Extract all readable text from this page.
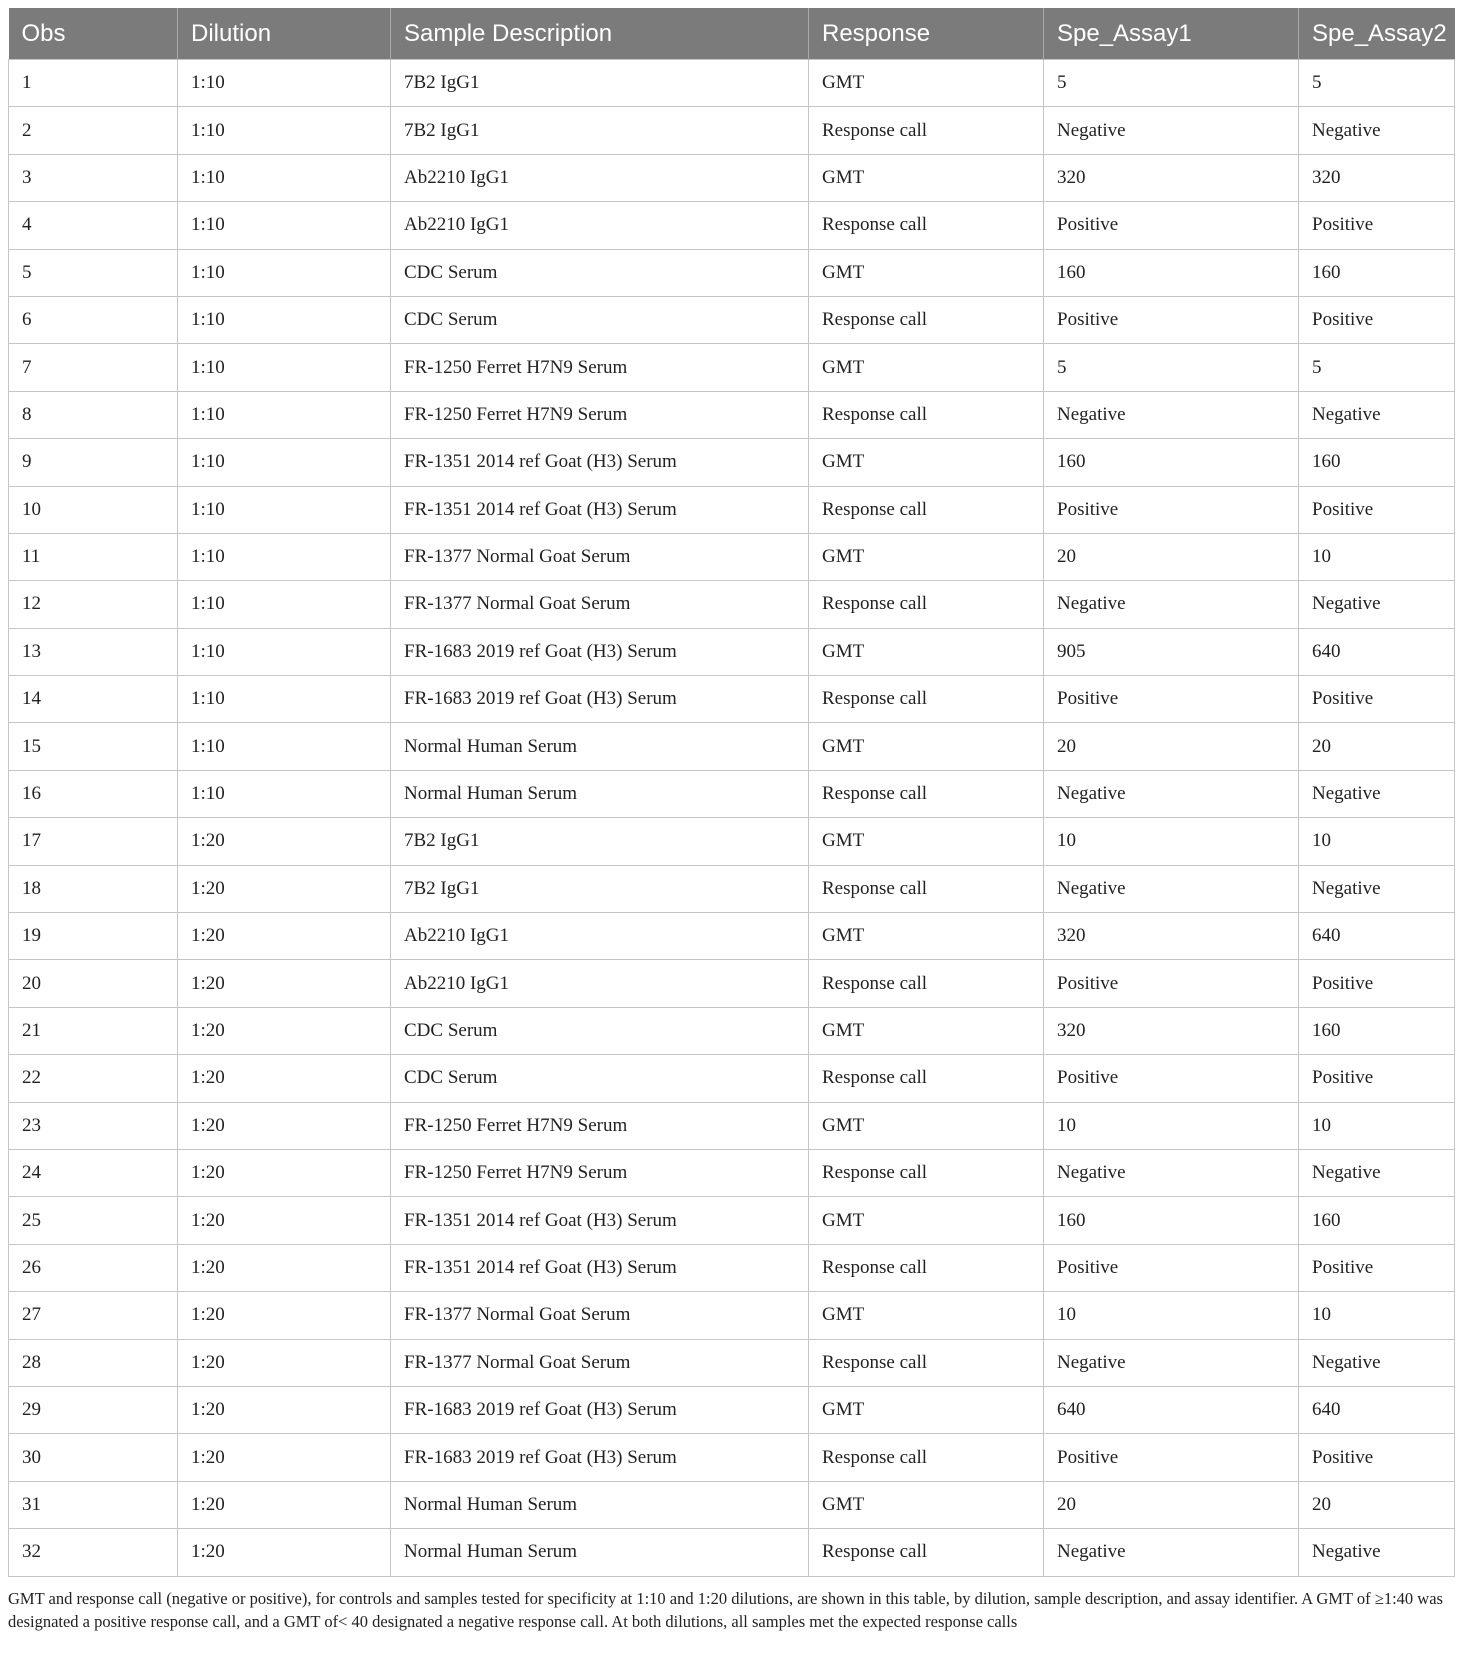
Obs	Dilution	Sample Description	Response	Spe_Assay1	Spe_Assay2
1	1:10	7B2 IgG1	GMT	5	5
2	1:10	7B2 IgG1	Response call	Negative	Negative
3	1:10	Ab2210 IgG1	GMT	320	320
4	1:10	Ab2210 IgG1	Response call	Positive	Positive
5	1:10	CDC Serum	GMT	160	160
6	1:10	CDC Serum	Response call	Positive	Positive
7	1:10	FR-1250 Ferret H7N9 Serum	GMT	5	5
8	1:10	FR-1250 Ferret H7N9 Serum	Response call	Negative	Negative
9	1:10	FR-1351 2014 ref Goat (H3) Serum	GMT	160	160
10	1:10	FR-1351 2014 ref Goat (H3) Serum	Response call	Positive	Positive
11	1:10	FR-1377 Normal Goat Serum	GMT	20	10
12	1:10	FR-1377 Normal Goat Serum	Response call	Negative	Negative
13	1:10	FR-1683 2019 ref Goat (H3) Serum	GMT	905	640
14	1:10	FR-1683 2019 ref Goat (H3) Serum	Response call	Positive	Positive
15	1:10	Normal Human Serum	GMT	20	20
16	1:10	Normal Human Serum	Response call	Negative	Negative
17	1:20	7B2 IgG1	GMT	10	10
18	1:20	7B2 IgG1	Response call	Negative	Negative
19	1:20	Ab2210 IgG1	GMT	320	640
20	1:20	Ab2210 IgG1	Response call	Positive	Positive
21	1:20	CDC Serum	GMT	320	160
22	1:20	CDC Serum	Response call	Positive	Positive
23	1:20	FR-1250 Ferret H7N9 Serum	GMT	10	10
24	1:20	FR-1250 Ferret H7N9 Serum	Response call	Negative	Negative
25	1:20	FR-1351 2014 ref Goat (H3) Serum	GMT	160	160
26	1:20	FR-1351 2014 ref Goat (H3) Serum	Response call	Positive	Positive
27	1:20	FR-1377 Normal Goat Serum	GMT	10	10
28	1:20	FR-1377 Normal Goat Serum	Response call	Negative	Negative
29	1:20	FR-1683 2019 ref Goat (H3) Serum	GMT	640	640
30	1:20	FR-1683 2019 ref Goat (H3) Serum	Response call	Positive	Positive
31	1:20	Normal Human Serum	GMT	20	20
32	1:20	Normal Human Serum	Response call	Negative	Negative
GMT and response call (negative or positive), for controls and samples tested for specificity at 1:10 and 1:20 dilutions, are shown in this table, by dilution, sample description, and assay identifier. A GMT of ≥1:40 was designated a positive response call, and a GMT of< 40 designated a negative response call. At both dilutions, all samples met the expected response calls
